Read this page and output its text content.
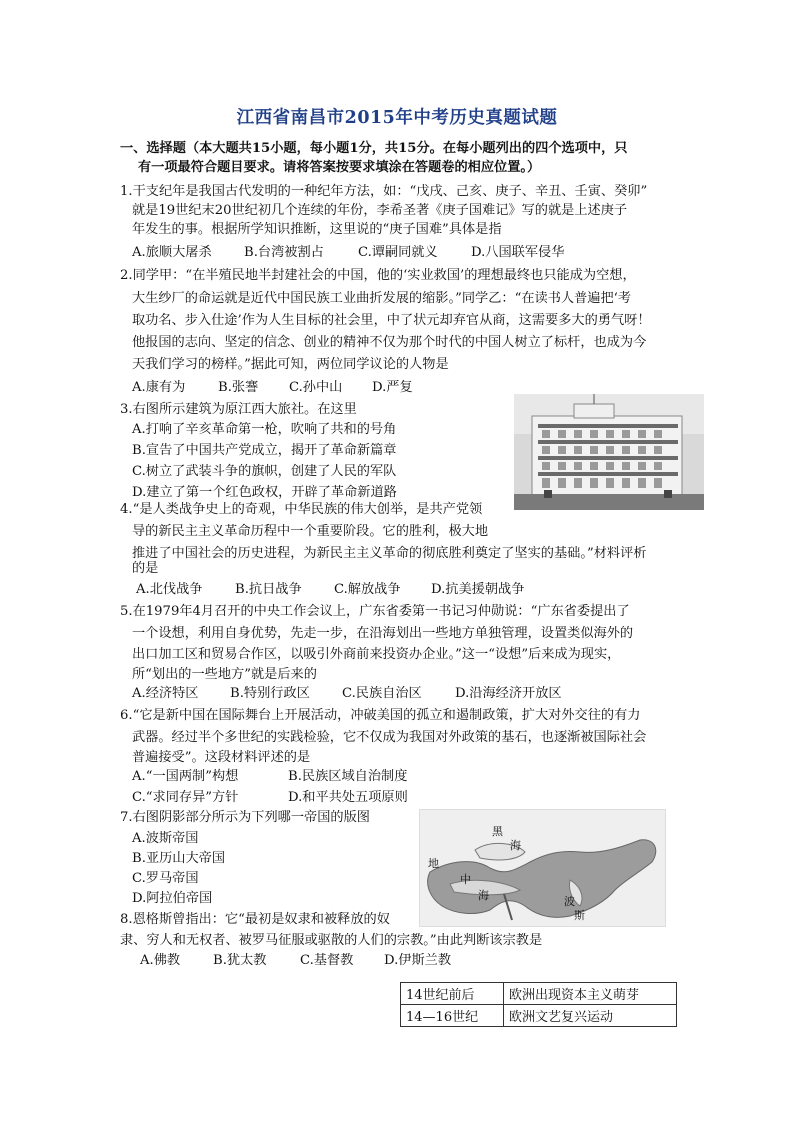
江西省南昌市2015年中考历史真题试题
一、选择题（本大题共15小题，每小题1分，共15分。在每小题列出的四个选项中，只
有一项最符合题目要求。请将答案按要求填涂在答题卷的相应位置。）
1.干支纪年是我国古代发明的一种纪年方法，如：“戊戌、己亥、庚子、辛丑、壬寅、癸卯”
就是19世纪末20世纪初几个连续的年份，李希圣著《庚子国难记》写的就是上述庚子
年发生的事。根据所学知识推断，这里说的“庚子国难”具体是指
A.旅顺大屠杀 B.台湾被割占	C.谭嗣同就义	D.八国联军侵华
2.同学甲：“在半殖民地半封建社会的中国，他的‘实业救国’的理想最终也只能成为空想，
大生纱厂的命运就是近代中国民族工业曲折发展的缩影。”同学乙：“在读书人普遍把‘考
取功名、步入仕途’作为人生目标的社会里，中了状元却弃官从商，这需要多大的勇气呀！
他报国的志向、坚定的信念、创业的精神不仅为那个时代的中国人树立了标杆，也成为今
天我们学习的榜样。”据此可知，两位同学议论的人物是
A.康有为 B.张謇 C.孙中山 D.严复
3.右图所示建筑为原江西大旅社。在这里
A.打响了辛亥革命第一枪，吹响了共和的号角
B.宣告了中国共产党成立，揭开了革命新篇章
C.树立了武装斗争的旗帜，创建了人民的军队
D.建立了第一个红色政权，开辟了革命新道路
4.“是人类战争史上的奇观，中华民族的伟大创举，是共产党领
导的新民主主义革命历程中一个重要阶段。它的胜利，极大地
推进了中国社会的历史进程，为新民主主义革命的彻底胜利奠定了坚实的基础。”材料评析
的是
A.北伐战争 B.抗日战争 C.解放战争 D.抗美援朝战争
5.在1979年4月召开的中央工作会议上，广东省委第一书记习仲勋说：“广东省委提出了
一个设想，利用自身优势，先走一步，在沿海划出一些地方单独管理，设置类似海外的
出口加工区和贸易合作区，以吸引外商前来投资办企业。”这一“设想”后来成为现实，
所“划出的一些地方”就是后来的
A.经济特区 B.特别行政区 C.民族自治区	D.沿海经济开放区
6.“它是新中国在国际舞台上开展活动，冲破美国的孤立和遏制政策，扩大对外交往的有力
武器。经过半个多世纪的实践检验，它不仅成为我国对外政策的基石，也逐渐被国际社会
普遍接受”。这段材料评述的是
A.“一国两制”构想	B.民族区域自治制度
C.“求同存异”方针	D.和平共处五项原则
7.右图阴影部分所示为下列哪一帝国的版图
A.波斯帝国
B.亚历山大帝国
C.罗马帝国
D.阿拉伯帝国
黑
海
地
中
海	波
斯
8.恩格斯曾指出：它“最初是奴隶和被释放的奴
隶、穷人和无权者、被罗马征服或驱散的人们的宗教。”由此判断该宗教是
A.佛教 B.犹太教	C.基督教 D.伊斯兰教
14世纪前后	欧洲出现资本主义萌芽
14—16世纪	欧洲文艺复兴运动
